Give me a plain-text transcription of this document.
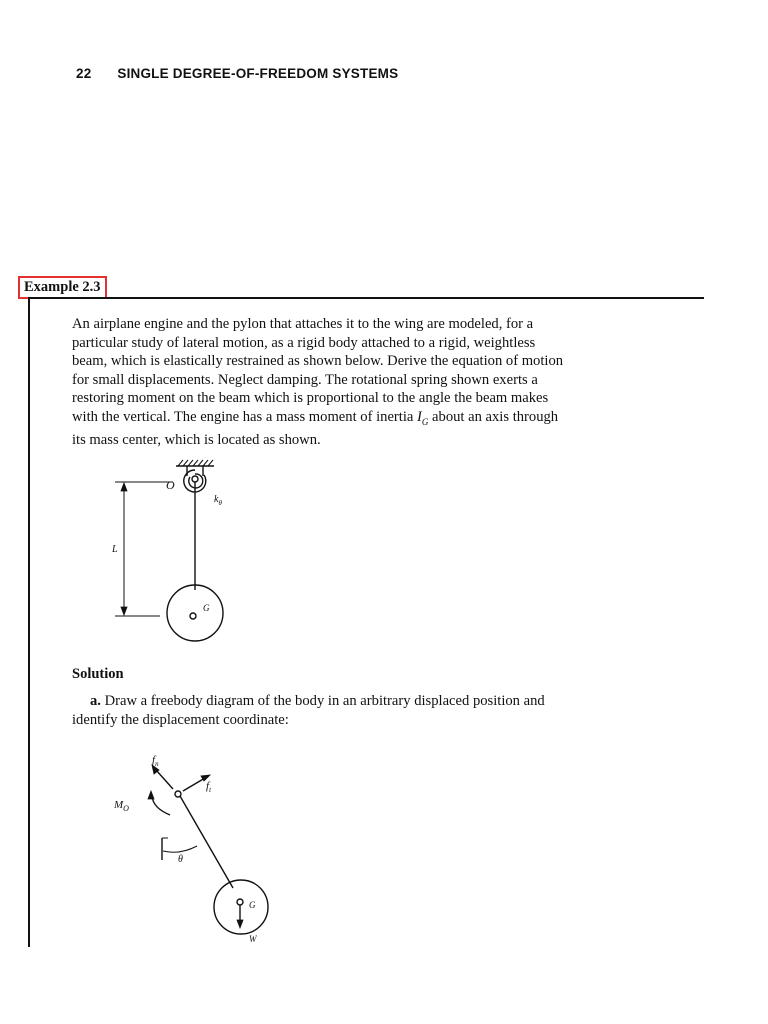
22 SINGLE DEGREE-OF-FREEDOM SYSTEMS
Example 2.3

An airplane engine and the pylon that attaches it to the wing are modeled, for a
particular study of lateral motion, as a rigid body attached to a rigid, weightless
beam, which is elastically restrained as shown below. Derive the equation of motion
for small displacements. Neglect damping. The rotational spring shown exerts a
restoring moment on the beam which is proportional to the angle the beam makes
with the vertical. The engine has a mass moment of inertia $I_G$ about an axis through
its mass center, which is located as shown.

O
$k_\theta$
L
G
Solution
a. Draw a freebody diagram of the body in an arbitrary displaced position and
identify the displacement coordinate:
$f_n$
$f_t$
$M_O$
θ
G
W
